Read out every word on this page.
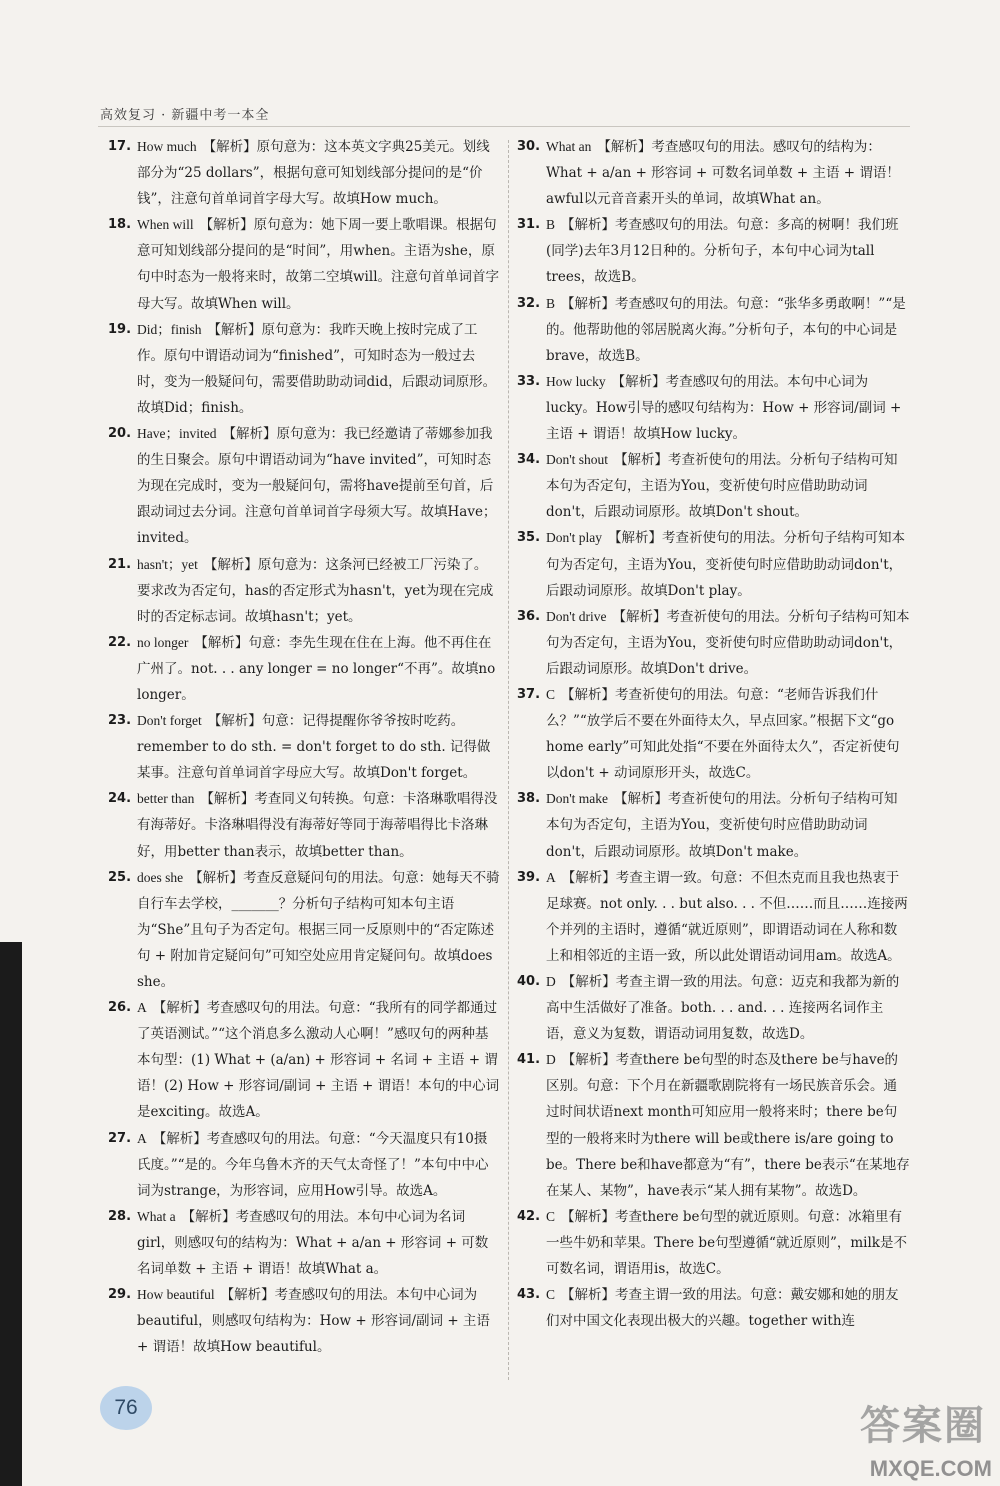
高效复习 · 新疆中考一本全

17. How much 【解析】原句意为：这本英文字典25美元。划线部分为“25 dollars”，根据句意可知划线部分提问的是“价钱”，注意句首单词首字母大写。故填How much。

18. When will 【解析】原句意为：她下周一要上歌唱课。根据句意可知划线部分提问的是“时间”，用when。主语为she，原句中时态为一般将来时，故第二空填will。注意句首单词首字母大写。故填When will。

19. Did；finish 【解析】原句意为：我昨天晚上按时完成了工作。原句中谓语动词为“finished”，可知时态为一般过去时，变为一般疑问句，需要借助助动词did，后跟动词原形。故填Did；finish。

20. Have；invited 【解析】原句意为：我已经邀请了蒂娜参加我的生日聚会。原句中谓语动词为“have invited”，可知时态为现在完成时，变为一般疑问句，需将have提前至句首，后跟动词过去分词。注意句首单词首字母须大写。故填Have；invited。

21. hasn't；yet 【解析】原句意为：这条河已经被工厂污染了。要求改为否定句，has的否定形式为hasn't，yet为现在完成时的否定标志词。故填hasn't；yet。

22. no longer 【解析】句意：李先生现在住在上海。他不再住在广州了。not. . . any longer = no longer“不再”。故填no longer。

23. Don't forget 【解析】句意：记得提醒你爷爷按时吃药。remember to do sth. = don't forget to do sth. 记得做某事。注意句首单词首字母应大写。故填Don't forget。

24. better than 【解析】考查同义句转换。句意：卡洛琳歌唱得没有海蒂好。卡洛琳唱得没有海蒂好等同于海蒂唱得比卡洛琳好，用better than表示，故填better than。

25. does she 【解析】考查反意疑问句的用法。句意：她每天不骑自行车去学校，_______？分析句子结构可知本句主语为“She”且句子为否定句。根据三同一反原则中的“否定陈述句 + 附加肯定疑问句”可知空处应用肯定疑问句。故填does she。

26. A 【解析】考查感叹句的用法。句意：“我所有的同学都通过了英语测试。”“这个消息多么激动人心啊！”感叹句的两种基本句型：(1) What + (a/an) + 形容词 + 名词 + 主语 + 谓语！(2) How + 形容词/副词 + 主语 + 谓语！本句的中心词是exciting。故选A。

27. A 【解析】考查感叹句的用法。句意：“今天温度只有10摄氏度。”“是的。今年乌鲁木齐的天气太奇怪了！”本句中中心词为strange，为形容词，应用How引导。故选A。

28. What a 【解析】考查感叹句的用法。本句中心词为名词girl，则感叹句的结构为：What + a/an + 形容词 + 可数名词单数 + 主语 + 谓语！故填What a。

29. How beautiful 【解析】考查感叹句的用法。本句中心词为beautiful，则感叹句结构为：How + 形容词/副词 + 主语 + 谓语！故填How beautiful。

30. What an 【解析】考查感叹句的用法。感叹句的结构为：What + a/an + 形容词 + 可数名词单数 + 主语 + 谓语！awful以元音音素开头的单词，故填What an。

31. B 【解析】考查感叹句的用法。句意：多高的树啊！我们班(同学)去年3月12日种的。分析句子，本句中心词为tall trees，故选B。

32. B 【解析】考查感叹句的用法。句意：“张华多勇敢啊！”“是的。他帮助他的邻居脱离火海。”分析句子，本句的中心词是brave，故选B。

33. How lucky 【解析】考查感叹句的用法。本句中心词为lucky。How引导的感叹句结构为：How + 形容词/副词 + 主语 + 谓语！故填How lucky。

34. Don't shout 【解析】考查祈使句的用法。分析句子结构可知本句为否定句，主语为You，变祈使句时应借助助动词don't，后跟动词原形。故填Don't shout。

35. Don't play 【解析】考查祈使句的用法。分析句子结构可知本句为否定句，主语为You，变祈使句时应借助助动词don't，后跟动词原形。故填Don't play。

36. Don't drive 【解析】考查祈使句的用法。分析句子结构可知本句为否定句，主语为You，变祈使句时应借助助动词don't，后跟动词原形。故填Don't drive。

37. C 【解析】考查祈使句的用法。句意：“老师告诉我们什么？”“放学后不要在外面待太久，早点回家。”根据下文“go home early”可知此处指“不要在外面待太久”，否定祈使句以don't + 动词原形开头，故选C。

38. Don't make 【解析】考查祈使句的用法。分析句子结构可知本句为否定句，主语为You，变祈使句时应借助助动词don't，后跟动词原形。故填Don't make。

39. A 【解析】考查主谓一致。句意：不但杰克而且我也热衷于足球赛。not only. . . but also. . . 不但……而且……连接两个并列的主语时，遵循“就近原则”，即谓语动词在人称和数上和相邻近的主语一致，所以此处谓语动词用am。故选A。

40. D 【解析】考查主谓一致的用法。句意：迈克和我都为新的高中生活做好了准备。both. . . and. . . 连接两名词作主语，意义为复数，谓语动词用复数，故选D。

41. D 【解析】考查there be句型的时态及there be与have的区别。句意：下个月在新疆歌剧院将有一场民族音乐会。通过时间状语next month可知应用一般将来时；there be句型的一般将来时为there will be或there is/are going to be。There be和have都意为“有”，there be表示“在某地存在某人、某物”，have表示“某人拥有某物”。故选D。

42. C 【解析】考查there be句型的就近原则。句意：冰箱里有一些牛奶和苹果。There be句型遵循“就近原则”，milk是不可数名词，谓语用is，故选C。

43. C 【解析】考查主谓一致的用法。句意：戴安娜和她的朋友们对中国文化表现出极大的兴趣。together with连

76	答案圈
MXQE.COM
